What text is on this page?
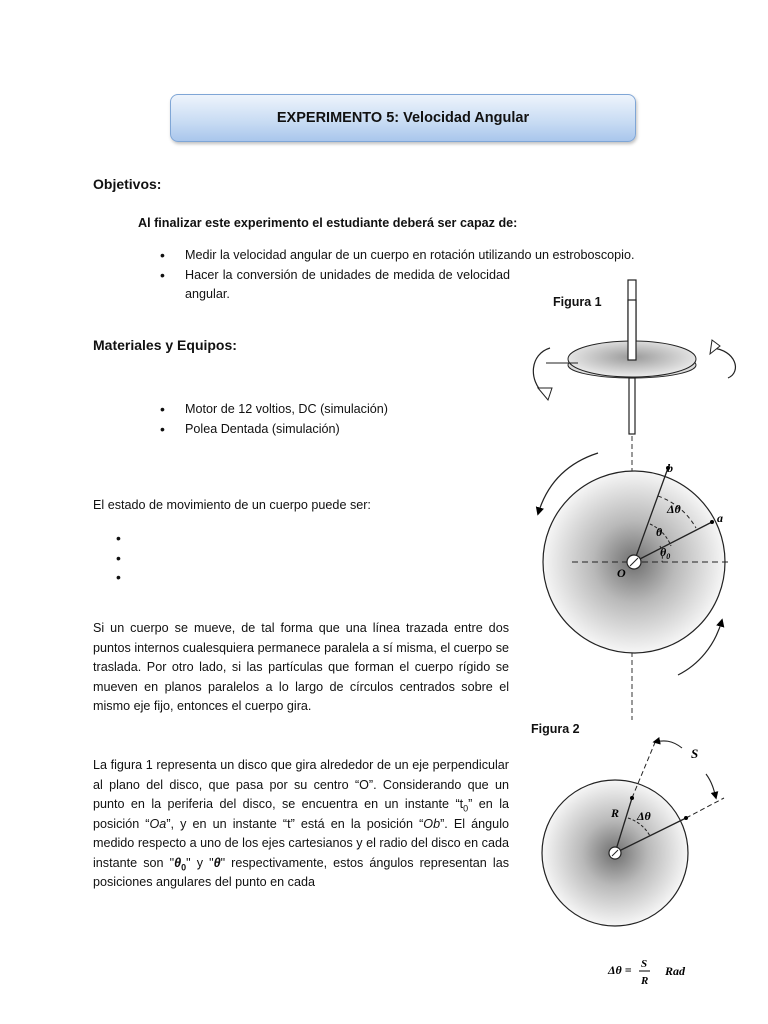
EXPERIMENTO 5: Velocidad Angular
Objetivos:
Al finalizar este experimento el estudiante deberá ser capaz de:
• Medir la velocidad angular de un cuerpo en rotación utilizando un estroboscopio.
• Hacer la conversión de unidades de medida de velocidad angular.
Materiales y Equipos:
• Motor de 12 voltios, DC (simulación)
• Polea Dentada (simulación)
El estado de movimiento de un cuerpo puede ser:
•
•
•
Si un cuerpo se mueve, de tal forma que una línea trazada entre dos puntos internos cualesquiera permanece paralela a sí misma, el cuerpo se traslada. Por otro lado, si las partículas que forman el cuerpo rígido se mueven en planos paralelos a lo largo de círculos centrados sobre el mismo eje fijo, entonces el cuerpo gira.
La figura 1 representa un disco que gira alrededor de un eje perpendicular al plano del disco, que pasa por su centro “O”. Considerando que un punto en la periferia del disco, se encuentra en un instante “$t_0$” en la posición “Oa”, y en un instante “t” está en la posición “Ob”. El ángulo medido respecto a uno de los ejes cartesianos y el radio del disco en cada instante son "$\theta_0$" y "θ" respectivamente, estos ángulos representan las posiciones angulares del punto en cada
Figura 1
Figura 2
b
a
Δθ
θ
$\theta_0$
O
S
R Δθ
Δθ = S
R
Rad
